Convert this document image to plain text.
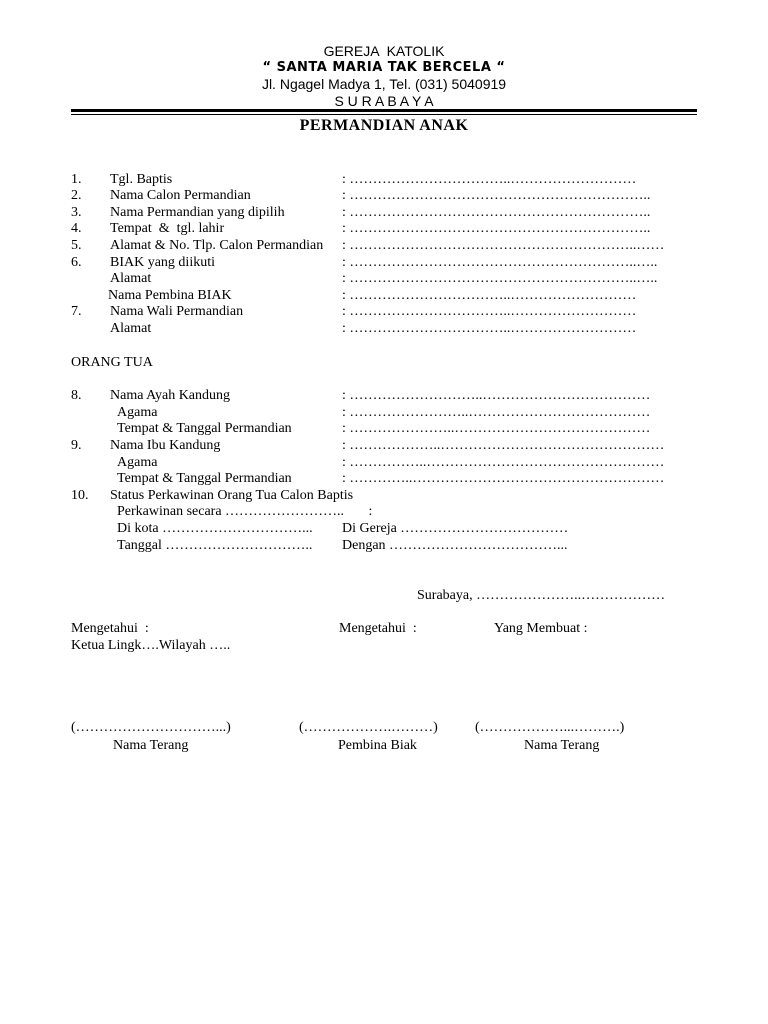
GEREJA  KATOLIK
“ SANTA MARIA TAK BERCELA “
Jl. Ngagel Madya 1, Tel. (031) 5040919
S U R A B A Y A
PERMANDIAN ANAK
1. Tgl. Baptis	: ……………………………..………………………
2. Nama Calon Permandian	: ………………………………………………………..
3. Nama Permandian yang dipilih	: ………………………………………………………..
4. Tempat  &  tgl. lahir	: ………………………………………………………..
5. Alamat & No. Tlp. Calon Permandian : ……………………………………………………..……
6. BIAK yang diikuti	: ……………………………………………………..…..
Alamat	: ……………………………………………………..…..
Nama Pembina BIAK	: ……………………………..………………………
7. Nama Wali Permandian	: ……………………………..………………………
Alamat	: ……………………………..………………………
ORANG TUA
8. Nama Ayah Kandung	: ………………………..………………………………
Agama	: ……………………..…………………………………
Tempat & Tanggal Permandian	: …………………..……………………………………
9. Nama Ibu Kandung	: ………………..…………………………………………
Agama	: ……………..……………………………………………
Tempat & Tanggal Permandian	: …………..………………………………………………
10. Status Perkawinan Orang Tua Calon Baptis
Perkawinan secara ……………………..       :
Di kota …………………………... Di Gereja ………………………………
Tanggal ………………………….. Dengan ………………………………...
Surabaya, …………………..………………
Mengetahui  :	Mengetahui  :	Yang Membuat :
Ketua Lingk….Wilayah …..
(…………………………...)	(……………….………)	(………………...……….)
Nama Terang	Pembina Biak	Nama Terang
